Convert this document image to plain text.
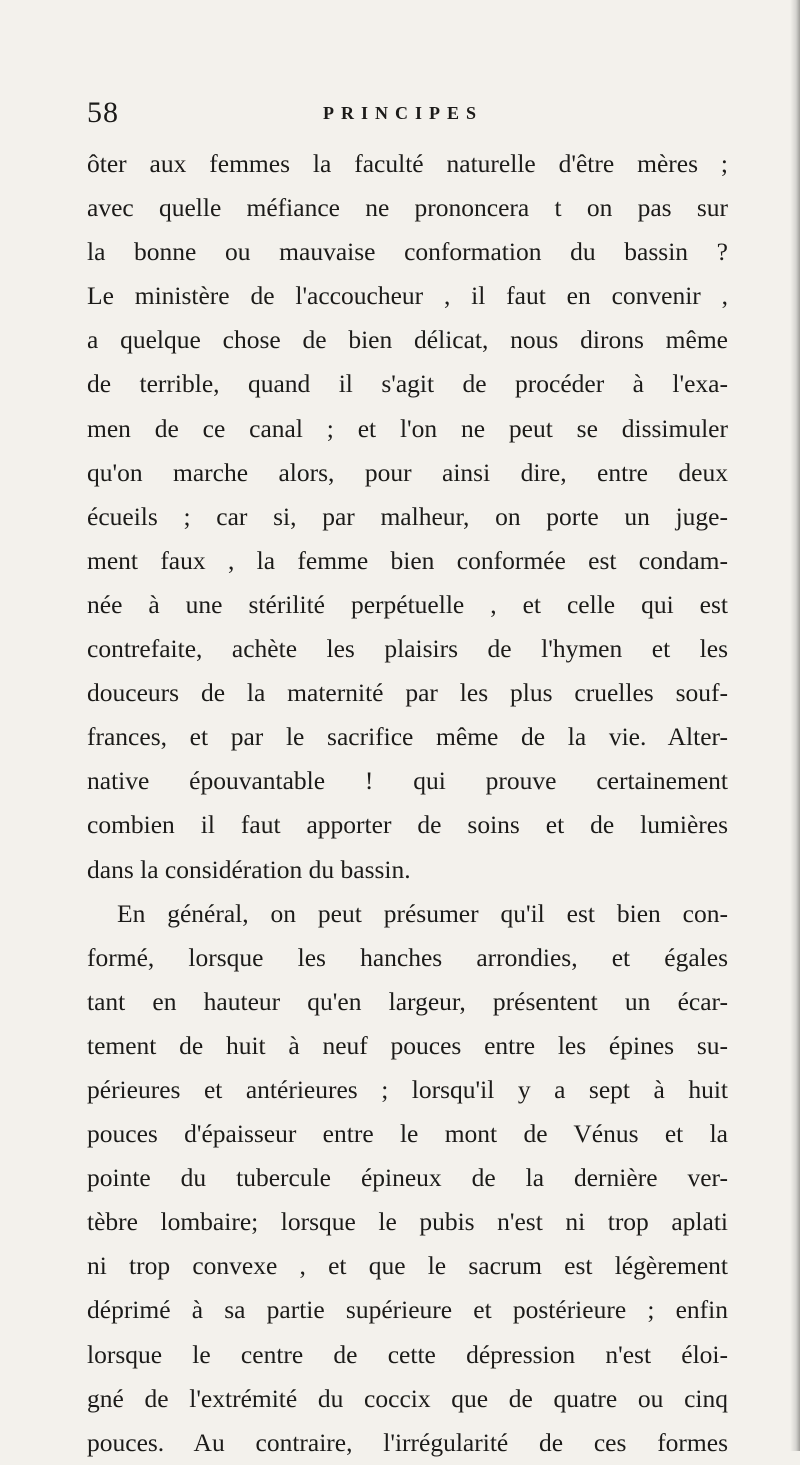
58	PRINCIPES
ôter aux femmes la faculté naturelle d'être mères ;
avec quelle méfiance ne prononcera t on pas sur
la bonne ou mauvaise conformation du bassin ?
Le ministère de l'accoucheur , il faut en convenir ,
a quelque chose de bien délicat, nous dirons même
de terrible, quand il s'agit de procéder à l'exa-
men de ce canal ; et l'on ne peut se dissimuler
qu'on marche alors, pour ainsi dire, entre deux
écueils ; car si, par malheur, on porte un juge-
ment faux , la femme bien conformée est condam-
née à une stérilité perpétuelle , et celle qui est
contrefaite, achète les plaisirs de l'hymen et les
douceurs de la maternité par les plus cruelles souf-
frances, et par le sacrifice même de la vie. Alter-
native épouvantable ! qui prouve certainement
combien il faut apporter de soins et de lumières
dans la considération du bassin.
En général, on peut présumer qu'il est bien con-
formé, lorsque les hanches arrondies, et égales
tant en hauteur qu'en largeur, présentent un écar-
tement de huit à neuf pouces entre les épines su-
périeures et antérieures ; lorsqu'il y a sept à huit
pouces d'épaisseur entre le mont de Vénus et la
pointe du tubercule épineux de la dernière ver-
tèbre lombaire; lorsque le pubis n'est ni trop aplati
ni trop convexe , et que le sacrum est légèrement
déprimé à sa partie supérieure et postérieure ; enfin
lorsque le centre de cette dépression n'est éloi-
gné de l'extrémité du coccix que de quatre ou cinq
pouces. Au contraire, l'irrégularité de ces formes
